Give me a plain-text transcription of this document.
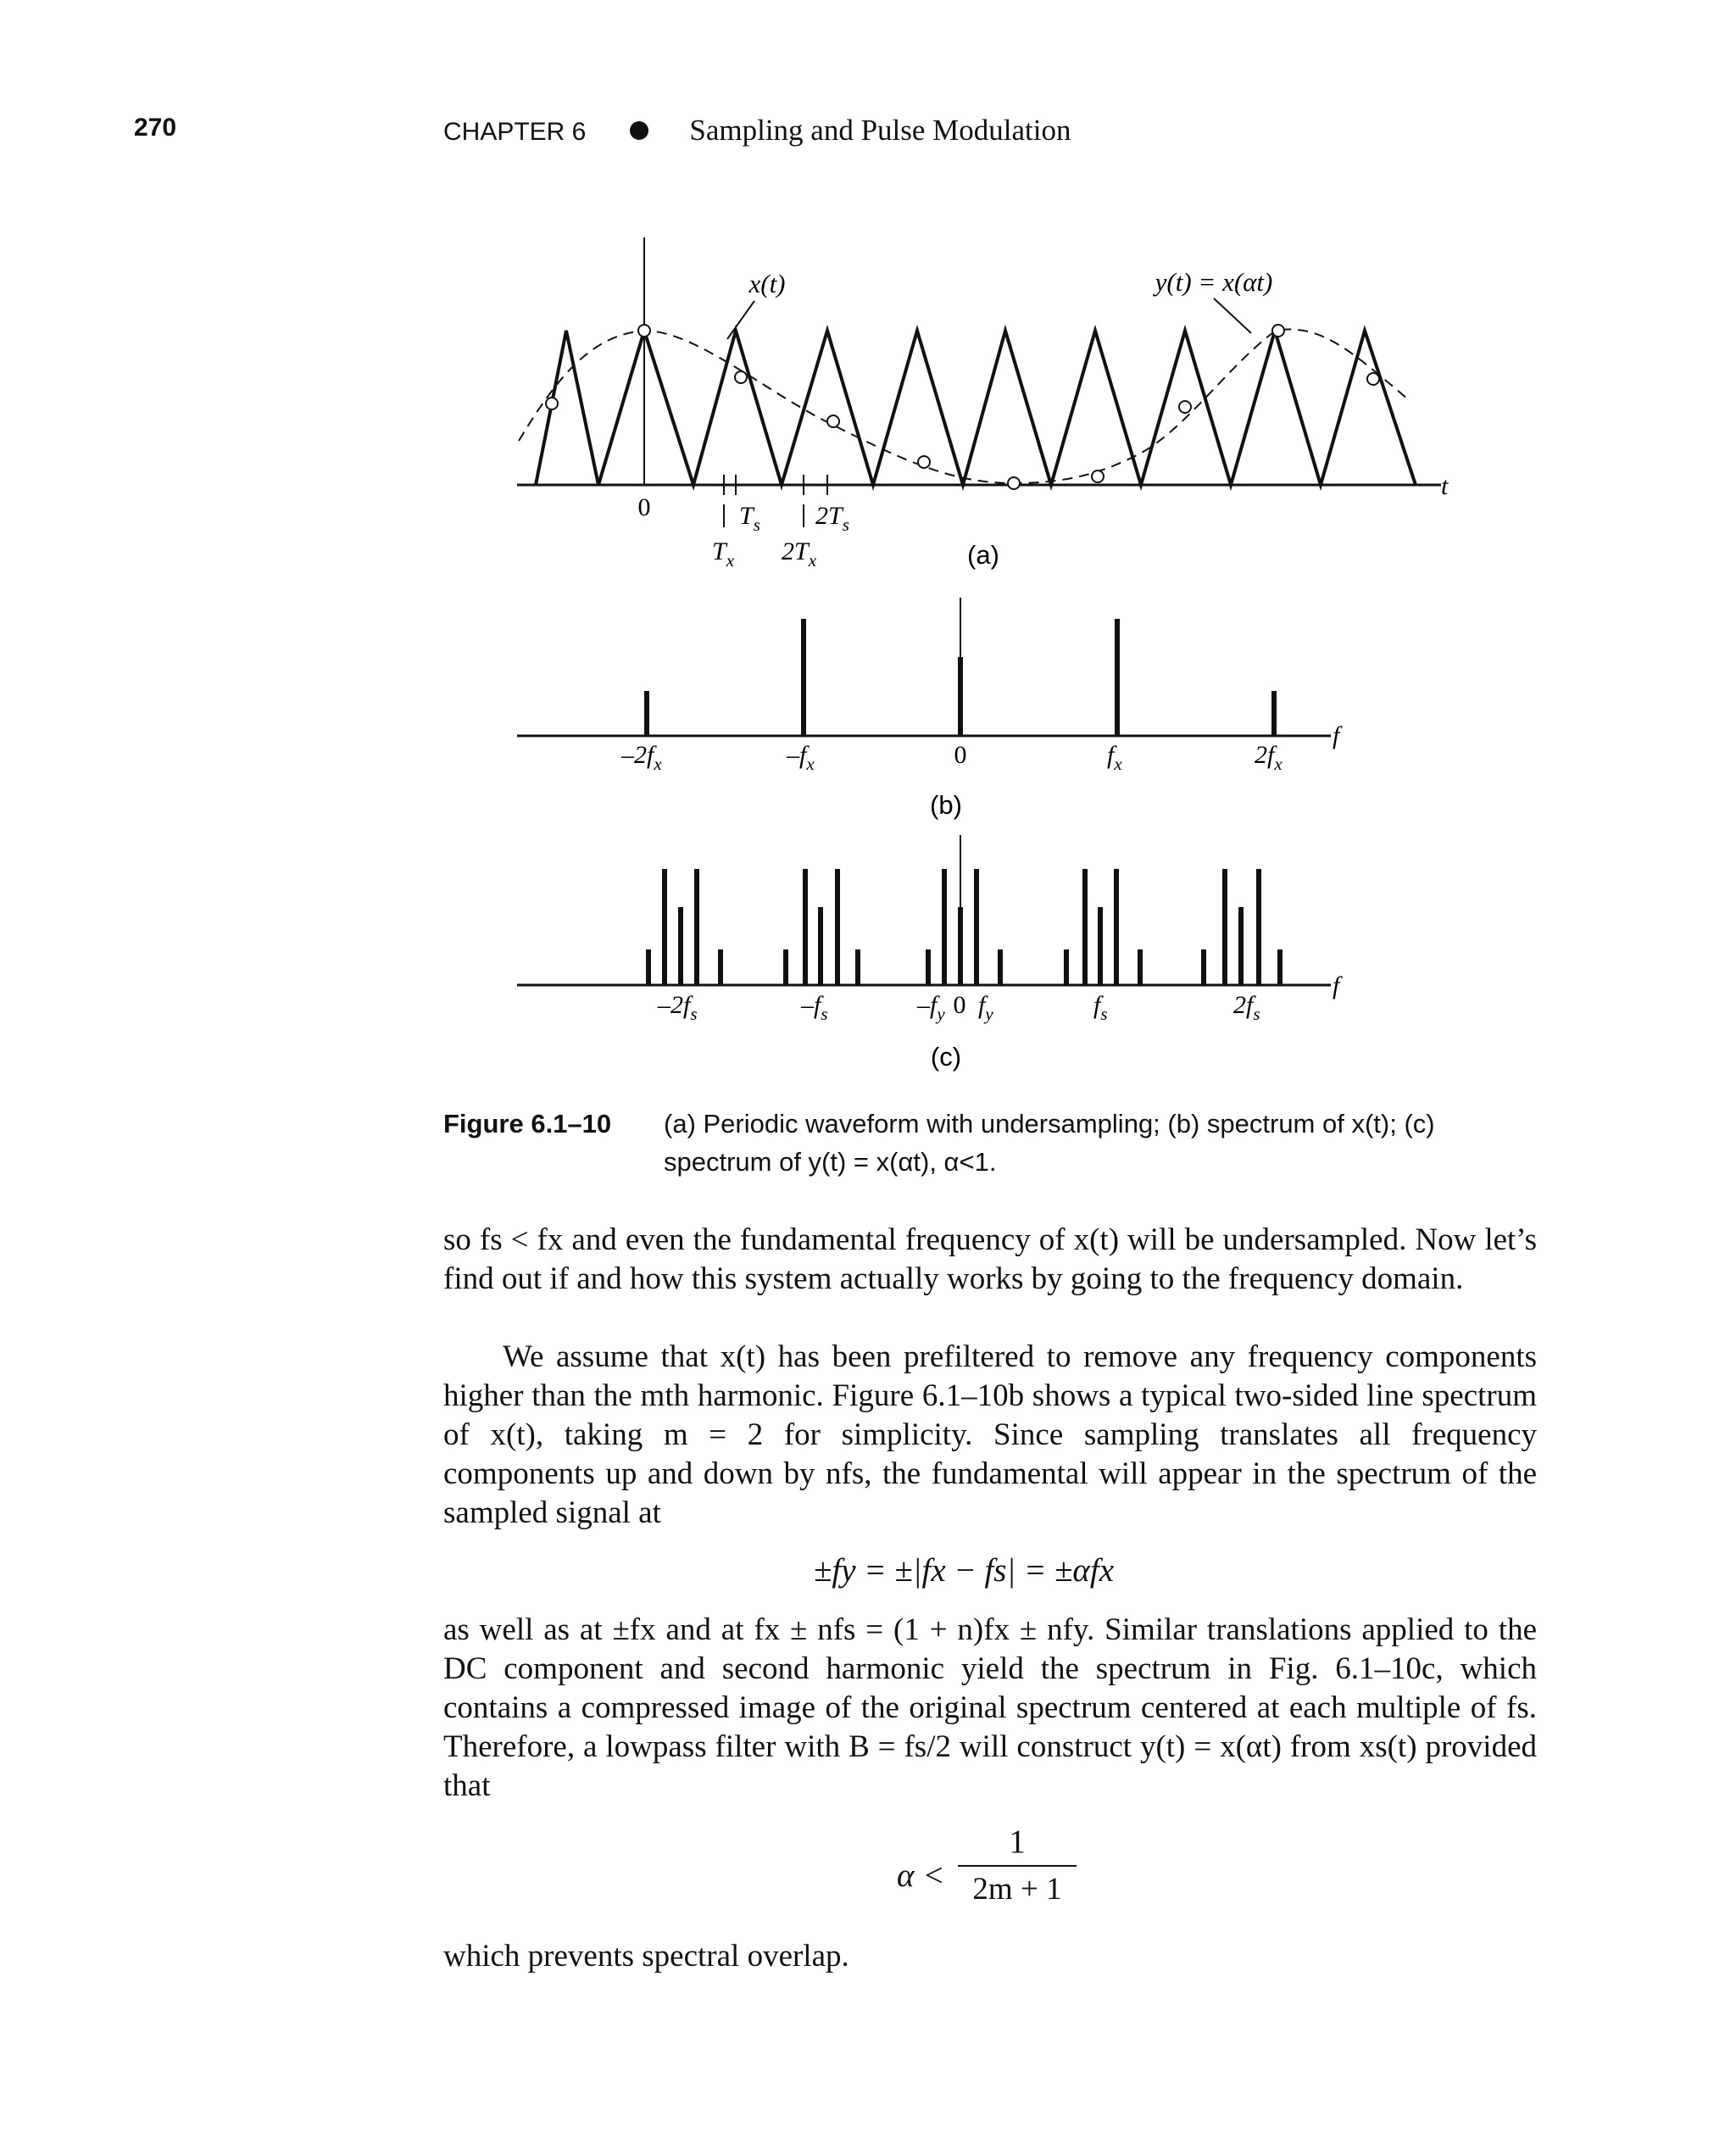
270	CHAPTER 6	Sampling and Pulse Modulation
x(t)	y(t) = x(αt)
t
0	$T_s$ $2T_s$
$T_x$ $2T_x$	(a)
f
$-2f_x$	$-f_x$	0	$f_x$	$2f_x$
(b)
f
$-2f_s$	$-f_s$	$-f_y$ 0 $f_y$	$f_s$	$2f_s$
(c)
Figure 6.1–10 (a) Periodic waveform with undersampling; (b) spectrum of x(t); (c) spectrum of y(t) = x(αt), α<1.

so fs < fx and even the fundamental frequency of x(t) will be undersampled. Now let’s find out if and how this system actually works by going to the frequency domain.

We assume that x(t) has been prefiltered to remove any frequency components higher than the mth harmonic. Figure 6.1–10b shows a typical two-sided line spectrum of x(t), taking m = 2 for simplicity. Since sampling translates all frequency components up and down by nfs, the fundamental will appear in the spectrum of the sampled signal at

±fy = ±|fx − fs| = ±αfx

as well as at ±fx and at fx ± nfs = (1 + n)fx ± nfy. Similar translations applied to the DC component and second harmonic yield the spectrum in Fig. 6.1–10c, which contains a compressed image of the original spectrum centered at each multiple of fs. Therefore, a lowpass filter with B = fs/2 will construct y(t) = x(αt) from xs(t) provided that

α <
1
2m + 1

which prevents spectral overlap.
